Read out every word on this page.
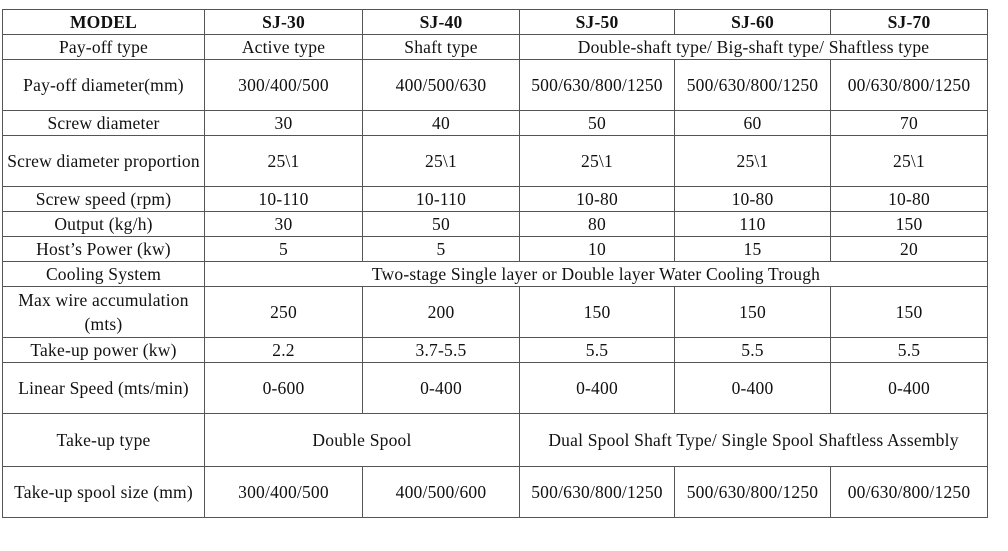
MODEL	SJ-30	SJ-40	SJ-50	SJ-60	SJ-70
Pay-off type	Active type	Shaft type	Double-shaft type/ Big-shaft type/ Shaftless type		
Pay-off diameter(mm)	300/400/500	400/500/630	500/630/800/1250	500/630/800/1250	00/630/800/1250
Screw diameter	30	40	50	60	70
Screw diameter proportion	25\1	25\1	25\1	25\1	25\1
Screw speed (rpm)	10-110	10-110	10-80	10-80	10-80
Output (kg/h)	30	50	80	110	150
Host’s Power (kw)	5	5	10	15	20
Cooling System	Two-stage Single layer or Double layer Water Cooling Trough				
Max wire accumulation (mts)	250	200	150	150	150
Take-up power (kw)	2.2	3.7-5.5	5.5	5.5	5.5
Linear Speed (mts/min)	0-600	0-400	0-400	0-400	0-400
Take-up type	Double Spool		Dual Spool Shaft Type/ Single Spool Shaftless Assembly		
Take-up spool size (mm)	300/400/500	400/500/600	500/630/800/1250	500/630/800/1250	00/630/800/1250
